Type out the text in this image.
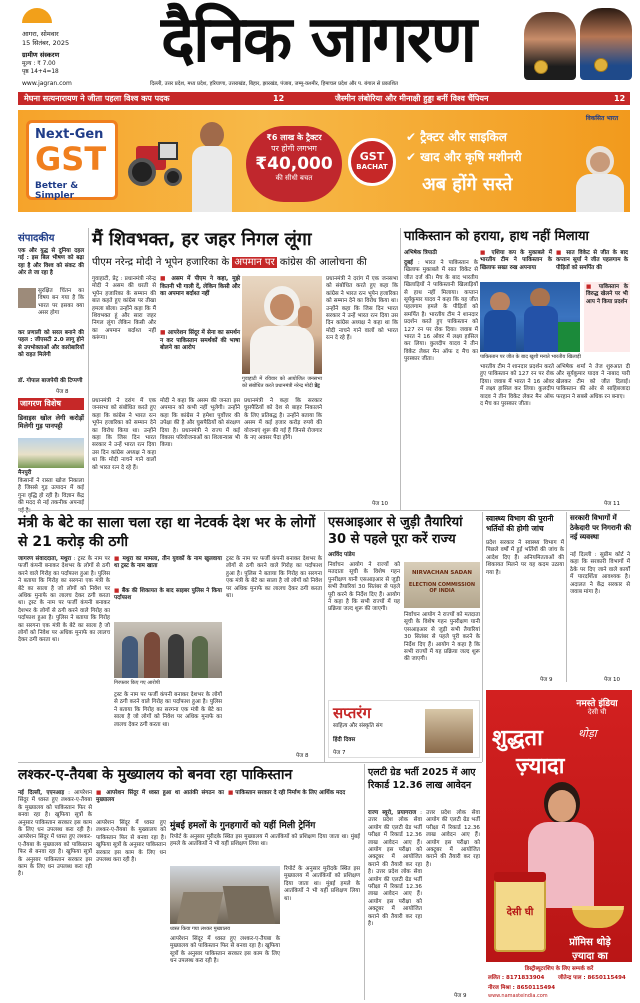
आगरा, सोमवार
15 सितंबर, 2025
ग्रामीण संस्करण
मूल्य : ₹ 7.00
पृष्ठ 14+4=18	दैनिक जागरण
www.jagran.com	दिल्ली, उत्तर प्रदेश, मध्य प्रदेश, हरियाणा, उत्तराखंड, बिहार, झारखंड, पंजाब, जम्मू-कश्मीर, हिमाचल प्रदेश और प. बंगाल से प्रकाशित
मेघना सत्यनारायण ने जीता पहला विश्व कप पदक	12	जैस्मीन लंबोरिया और मीनाक्षी हुड्डा बनीं विश्व चैंपियन	12
Next-Gen
GST
Better & Simpler
₹6 लाख के ट्रैक्टर
पर होगी लगभग
₹40,000
की सीधी बचत
GST
BACHAT
✔ ट्रैक्टर और साइकिल
✔ खाद और कृषि मशीनरी
अब होंगे सस्ते
विकसित भारत
संपादकीय
एक और युद्ध से दुनिया दहल गई : इस बिल भीषण को बढ़ा रहा है और विश्व को संकट की ओर ले जा रहा है
सुरक्षित चिंतन का विषय बन गया है कि भारत पर इसका क्या असर होगा
कर प्रणाली को सरल बनाने की पहल : जीएसटी 2.0 लागू होने से उपभोक्ताओं और कारोबारियों को राहत मिलेगी
डॉ. गोपाल बाजपेयी की टिप्पणी
पेज 8
जागरण विशेष
डिवाइस खोल लेगी करोड़ों मिलेगी गुड़ पानपट्टी
मैनपुरी
किसानों ने रास्ता खोज निकाला है जिससे गुड़ उत्पादन में कई गुना वृद्धि हो रही है। विज्ञान केंद्र की मदद से नई तकनीक अपनाई
मैं शिवभक्त, हर जहर निगल लूंगा
पीएम नरेन्द्र मोदी ने भूपेन हजारिका के अपमान पर कांग्रेस की आलोचना की
गुवाहाटी, प्रेट्र : प्रधानमंत्री नरेन्द्र मोदी ने असम की धरती से भूपेन हजारिका के सम्मान की बात कहते हुए कांग्रेस पर तीखा हमला बोला। उन्होंने कहा कि मैं शिवभक्त हूं और सारा जहर निगल लूंगा लेकिन किसी और का अपमान बर्दाश्त नहीं करूंगा।
प्रधानमंत्री ने दरांग में एक जनसभा को संबोधित करते हुए कहा कि कांग्रेस ने भारत रत्न भूपेन हजारिका को सम्मान देने का विरोध किया था। उन्होंने कहा कि जिस दिन भारत सरकार ने उन्हें भारत रत्न दिया उस दिन कांग्रेस अध्यक्ष ने कहा था कि मोदी नाचने गाने वालों को भारत रत्न दे रहे हैं।
■ असम में पीएम ने कहा, मुझे कितनी भी गाली दें, लेकिन किसी और का अपमान बर्दाश्त नहीं
■ आपरेशन सिंदूर में सेना का समर्थन न कर पाकिस्तान समर्थकों की भाषा बोलने का आरोप
गुवाहाटी में रविवार को आयोजित जनसभा को संबोधित करते प्रधानमंत्री नरेन्द्र मोदी प्रेट्र
मोदी ने कहा कि असम की जनता इस अपमान को कभी नहीं भूलेगी। उन्होंने कहा कि कांग्रेस ने हमेशा पूर्वोत्तर की उपेक्षा की है और घुसपैठियों को संरक्षण दिया है। प्रधानमंत्री ने राज्य में कई विकास परियोजनाओं का शिलान्यास भी किया।
प्रधानमंत्री ने कहा कि सरकार घुसपैठियों को देश से बाहर निकालने के लिए प्रतिबद्ध है। उन्होंने बताया कि असम में कई हजार करोड़ रुपये की योजनाएं शुरू की गई हैं जिनसे रोजगार के नए अवसर पैदा होंगे।
प्रधानमंत्री ने दरांग में एक जनसभा को संबोधित करते हुए कहा कि कांग्रेस ने भारत रत्न भूपेन हजारिका को सम्मान देने का विरोध किया था। उन्होंने कहा कि जिस दिन भारत सरकार ने उन्हें भारत रत्न दिया उस दिन कांग्रेस अध्यक्ष ने कहा था कि मोदी नाचने गाने वालों को भारत रत्न दे रहे हैं।
पेज 10
पाकिस्तान को हराया, हाथ नहीं मिलाया
अभिषेक त्रिपाठी	■ एशिया कप के मुकाबले में भारतीय टीम ने पाकिस्तान के खिलाफ सख्त रुख अपनाया
■ सात विकेट से जीत के बाद कप्तान सूर्या ने जीत पहलगाम के पीड़ितों को समर्पित की
दुबई : भारत ने पाकिस्तान के खिलाफ मुकाबले में सात विकेट से जीत दर्ज की। मैच के बाद भारतीय खिलाड़ियों ने पाकिस्तानी खिलाड़ियों से हाथ नहीं मिलाया। कप्तान सूर्यकुमार यादव ने कहा कि यह जीत पहलगाम हमले के पीड़ितों को समर्पित है। भारतीय टीम ने शानदार प्रदर्शन करते हुए पाकिस्तान को 127 रन पर रोक दिया। जवाब में भारत ने 16 ओवर में लक्ष्य हासिल कर लिया। कुलदीप यादव ने तीन विकेट लेकर मैन ऑफ द मैच का पुरस्कार जीता।
■ पाकिस्तान के विरुद्ध खेलने पर भी आप ने किया प्रदर्शन
पाकिस्तान पर जीत के बाद खुशी मनाते भारतीय खिलाड़ी
भारतीय टीम ने शानदार प्रदर्शन करते हुए पाकिस्तान को 127 रन पर रोक दिया। जवाब में भारत ने 16 ओवर में लक्ष्य हासिल कर लिया। कुलदीप यादव ने तीन विकेट लेकर मैन ऑफ द मैच का पुरस्कार जीता।
अभिषेक शर्मा ने तेज शुरुआत दी और सूर्यकुमार यादव ने नाबाद पारी खेलकर टीम को जीत दिलाई। पाकिस्तान की ओर से साहिबजादा फरहान ने सबसे अधिक रन बनाए।
पेज 11
मंत्री के बेटे का साला चला रहा था नेटवर्क देश भर के लोगों से 21 करोड़ की ठगी
जागरण संवाददाता, मथुरा : ट्रस्ट के नाम पर फर्जी कंपनी बनाकर देशभर के लोगों से ठगी करने वाले गिरोह का पर्दाफाश हुआ है। पुलिस ने बताया कि गिरोह का सरगना एक मंत्री के बेटे का साला है जो लोगों को निवेश पर अधिक मुनाफे का लालच देकर ठगी करता था। ट्रस्ट के नाम पर फर्जी कंपनी बनाकर देशभर के लोगों से ठगी करने वाले गिरोह का पर्दाफाश हुआ है। पुलिस ने बताया कि गिरोह का सरगना एक मंत्री के बेटे का साला है जो लोगों को निवेश पर अधिक मुनाफे का लालच देकर ठगी करता था।
■ मथुरा का मामला, तीन युवकों के नाम खुलवाया था ट्रस्ट के नाम खाता
■ बैंक की शिकायत के बाद साइबर पुलिस ने किया पर्दाफाश
गिरफ्तार किए गए आरोपी
ट्रस्ट के नाम पर फर्जी कंपनी बनाकर देशभर के लोगों से ठगी करने वाले गिरोह का पर्दाफाश हुआ है। पुलिस ने बताया कि गिरोह का सरगना एक मंत्री के बेटे का साला है जो लोगों को निवेश पर अधिक मुनाफे का लालच देकर ठगी करता था।
ट्रस्ट के नाम पर फर्जी कंपनी बनाकर देशभर के लोगों से ठगी करने वाले गिरोह का पर्दाफाश हुआ है। पुलिस ने बताया कि गिरोह का सरगना एक मंत्री के बेटे का साला है जो लोगों को निवेश पर अधिक मुनाफे का लालच देकर ठगी करता था।
पेज 8
एसआइआर से जुड़ी तैयारियां 30 से पहले पूरा करें राज्य
अरविंद पांडेय
निर्वाचन आयोग ने राज्यों को मतदाता सूची के विशेष गहन पुनरीक्षण यानी एसआइआर से जुड़ी सभी तैयारियां 30 सितंबर से पहले पूरी करने के निर्देश दिए हैं। आयोग ने कहा है कि सभी राज्यों में यह प्रक्रिया जल्द शुरू की जाएगी।
NIRVACHAN SADAN
ELECTION COMMISSION OF INDIA
निर्वाचन आयोग ने राज्यों को मतदाता सूची के विशेष गहन पुनरीक्षण यानी एसआइआर से जुड़ी सभी तैयारियां 30 सितंबर से पहले पूरी करने के निर्देश दिए हैं। आयोग ने कहा है कि सभी राज्यों में यह प्रक्रिया जल्द शुरू की जाएगी।
सप्तरंग
साहित्य और संस्कृति संग
हिंदी दिवस
पेज 7
स्वास्थ्य विभाग की पुरानी भर्तियों की होगी जांच
प्रदेश सरकार ने स्वास्थ्य विभाग में पिछले वर्षों में हुई भर्तियों की जांच के आदेश दिए हैं। अनियमितताओं की शिकायत मिलने पर यह कदम उठाया गया है।
पेज 9
सरकारी विभागों में ठेकेदारी पर निगरानी की नई व्यवस्था
नई दिल्ली : सुप्रीम कोर्ट ने कहा कि सरकारी विभागों में ठेके पर दिए जाने वाले कार्यों में पारदर्शिता आवश्यक है। अदालत ने केंद्र सरकार से जवाब मांगा है।
पेज 10
नमस्ते इंडिया
देसी घी
शुद्धता	थोड़ा
ज़्यादा
देसी घी
प्रॉमिस थोड़े
ज़्यादा का
डिस्ट्रीब्यूटरशिप के लिए सम्पर्क करें
ललित : 8171833904	जीतेन्द्र पाल : 8650115494
नीरज मिश्रा : 8650115494
www.namasteindia.com
लश्कर-ए-तैयबा के मुख्यालय को बनवा रहा पाकिस्तान
नई दिल्ली, एएनआइ : आपरेशन सिंदूर में ध्वस्त हुए लश्कर-ए-तैयबा के मुख्यालय को पाकिस्तान फिर से बनवा रहा है। खुफिया सूत्रों के अनुसार पाकिस्तान सरकार इस काम के लिए धन उपलब्ध करा रही है। आपरेशन सिंदूर में ध्वस्त हुए लश्कर-ए-तैयबा के मुख्यालय को पाकिस्तान फिर से बनवा रहा है। खुफिया सूत्रों के अनुसार पाकिस्तान सरकार इस काम के लिए धन उपलब्ध करा रही है।
■ आपरेशन सिंदूर में ध्वस्त हुआ था आतंकी संगठन का मुख्यालय
■ पाकिस्तान सरकार दे रही निर्माण के लिए आर्थिक मदद
आपरेशन सिंदूर में ध्वस्त हुए लश्कर-ए-तैयबा के मुख्यालय को पाकिस्तान फिर से बनवा रहा है। खुफिया सूत्रों के अनुसार पाकिस्तान सरकार इस काम के लिए धन उपलब्ध करा रही है।
मुंबई हमलों के गुनहगारों को यहीं मिली ट्रेनिंग
रिपोर्ट के अनुसार मुरीदके स्थित इस मुख्यालय में आतंकियों को प्रशिक्षण दिया जाता था। मुंबई हमले के आतंकियों ने भी यहीं प्रशिक्षण लिया था।
ध्वस्त किया गया लश्कर मुख्यालय
रिपोर्ट के अनुसार मुरीदके स्थित इस मुख्यालय में आतंकियों को प्रशिक्षण दिया जाता था। मुंबई हमले के आतंकियों ने भी यहीं प्रशिक्षण लिया था।
आपरेशन सिंदूर में ध्वस्त हुए लश्कर-ए-तैयबा के मुख्यालय को पाकिस्तान फिर से बनवा रहा है। खुफिया सूत्रों के अनुसार पाकिस्तान सरकार इस काम के लिए धन उपलब्ध करा रही है।
एलटी ग्रेड भर्ती 2025 में आए रिकार्ड 12.36 लाख आवेदन
राज्य ब्यूरो, प्रयागराज : उत्तर प्रदेश लोक सेवा आयोग की एलटी ग्रेड भर्ती परीक्षा में रिकार्ड 12.36 लाख आवेदन आए हैं। आयोग इस परीक्षा को अक्टूबर में आयोजित कराने की तैयारी कर रहा है। उत्तर प्रदेश लोक सेवा आयोग की एलटी ग्रेड भर्ती परीक्षा में रिकार्ड 12.36 लाख आवेदन आए हैं। आयोग इस परीक्षा को अक्टूबर में आयोजित कराने की तैयारी कर रहा है।
उत्तर प्रदेश लोक सेवा आयोग की एलटी ग्रेड भर्ती परीक्षा में रिकार्ड 12.36 लाख आवेदन आए हैं। आयोग इस परीक्षा को अक्टूबर में आयोजित कराने की तैयारी कर रहा है।
पेज 9
